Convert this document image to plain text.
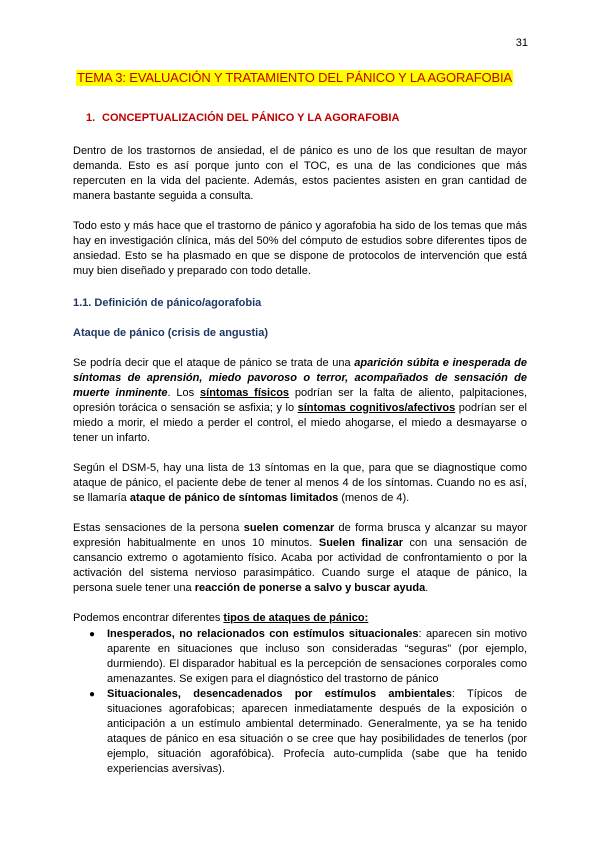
31
TEMA 3: EVALUACIÓN Y TRATAMIENTO DEL PÁNICO Y LA AGORAFOBIA
1. CONCEPTUALIZACIÓN DEL PÁNICO Y LA AGORAFOBIA

Dentro de los trastornos de ansiedad, el de pánico es uno de los que resultan de mayor demanda. Esto es así porque junto con el TOC, es una de las condiciones que más repercuten en la vida del paciente. Además, estos pacientes asisten en gran cantidad de manera bastante seguida a consulta.

Todo esto y más hace que el trastorno de pánico y agorafobia ha sido de los temas que más hay en investigación clínica, más del 50% del cómputo de estudios sobre diferentes tipos de ansiedad. Esto se ha plasmado en que se dispone de protocolos de intervención que está muy bien diseñado y preparado con todo detalle.

1.1. Definición de pánico/agorafobia
Ataque de pánico (crisis de angustia)

Se podría decir que el ataque de pánico se trata de una aparición súbita e inesperada de síntomas de aprensión, miedo pavoroso o terror, acompañados de sensación de muerte inminente. Los síntomas físicos podrían ser la falta de aliento, palpitaciones, opresión torácica o sensación se asfixia; y lo síntomas cognitivos/afectivos podrían ser el miedo a morir, el miedo a perder el control, el miedo ahogarse, el miedo a desmayarse o tener un infarto.

Según el DSM-5, hay una lista de 13 síntomas en la que, para que se diagnostique como ataque de pánico, el paciente debe de tener al menos 4 de los síntomas. Cuando no es así, se llamaría ataque de pánico de síntomas limitados (menos de 4).

Estas sensaciones de la persona suelen comenzar de forma brusca y alcanzar su mayor expresión habitualmente en unos 10 minutos. Suelen finalizar con una sensación de cansancio extremo o agotamiento físico. Acaba por actividad de confrontamiento o por la activación del sistema nervioso parasimpático. Cuando surge el ataque de pánico, la persona suele tener una reacción de ponerse a salvo y buscar ayuda.

Podemos encontrar diferentes tipos de ataques de pánico:

● Inesperados, no relacionados con estímulos situacionales: aparecen sin motivo aparente en situaciones que incluso son consideradas “seguras” (por ejemplo, durmiendo). El disparador habitual es la percepción de sensaciones corporales como amenazantes. Se exigen para el diagnóstico del trastorno de pánico
● Situacionales, desencadenados por estímulos ambientales: Típicos de situaciones agorafobicas; aparecen inmediatamente después de la exposición o anticipación a un estímulo ambiental determinado. Generalmente, ya se ha tenido ataques de pánico en esa situación o se cree que hay posibilidades de tenerlos (por ejemplo, situación agorafóbica). Profecía auto-cumplida (sabe que ha tenido experiencias aversivas).
